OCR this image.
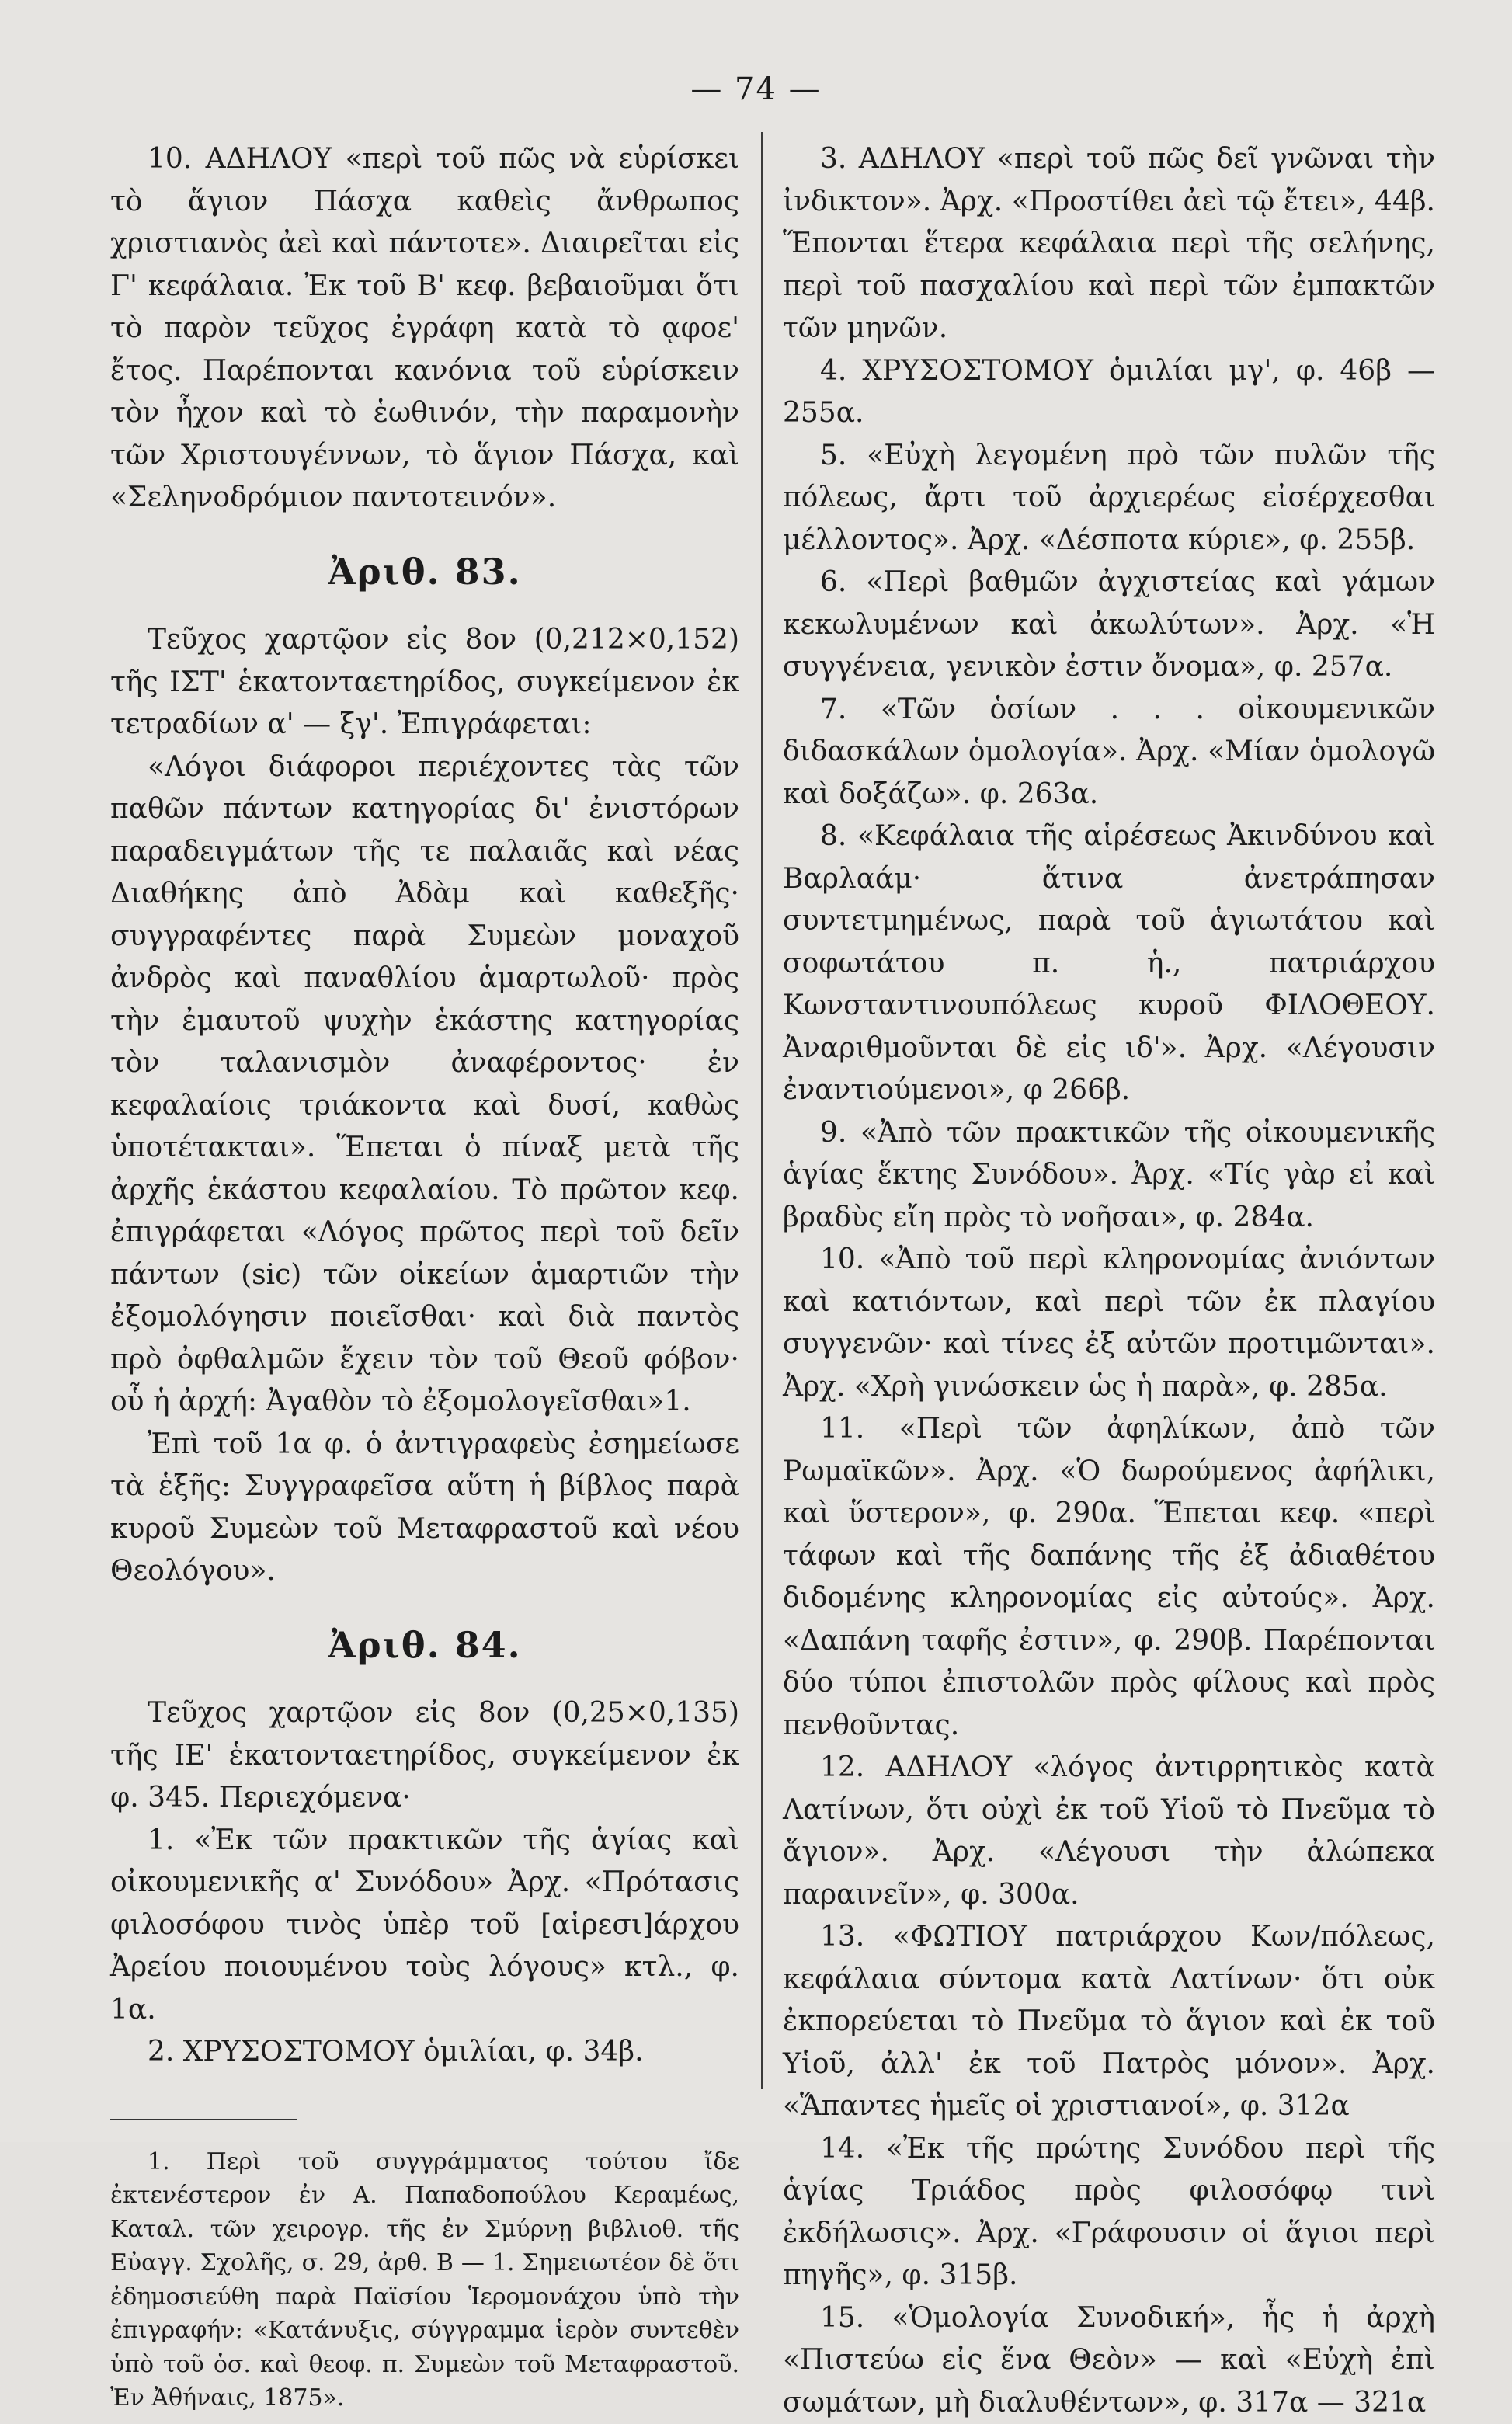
— 74 —

10. ΑΔΗΛΟΥ «περὶ τοῦ πῶς νὰ εὑρίσκει τὸ ἅγιον Πάσχα καθεὶς ἄνθρωπος χριστιανὸς ἀεὶ καὶ πάντοτε». Διαιρεῖται εἰς Γ' κεφάλαια. Ἐκ τοῦ Β' κεφ. βεβαιοῦμαι ὅτι τὸ παρὸν τεῦχος ἐγράφη κατὰ τὸ ᾳφοε' ἔτος. Παρέπονται κανόνια τοῦ εὑρίσκειν τὸν ἦχον καὶ τὸ ἑωθινόν, τὴν παραμονὴν τῶν Χριστουγέννων, τὸ ἅγιον Πάσχα, καὶ «Σεληνοδρόμιον παντοτεινόν».

Ἀριθ. 83.

Τεῦχος χαρτῷον εἰς 8ον (0,212×0,152) τῆς ΙΣΤ' ἑκατονταετηρίδος, συγκείμενον ἐκ τετραδίων α' — ξγ'. Ἐπιγράφεται:

«Λόγοι διάφοροι περιέχοντες τὰς τῶν παθῶν πάντων κατηγορίας δι' ἐνιστόρων παραδειγμάτων τῆς τε παλαιᾶς καὶ νέας Διαθήκης ἀπὸ Ἀδὰμ καὶ καθεξῆς· συγγραφέντες παρὰ Συμεὼν μοναχοῦ ἀνδρὸς καὶ παναθλίου ἁμαρτωλοῦ· πρὸς τὴν ἐμαυτοῦ ψυχὴν ἑκάστης κατηγορίας τὸν ταλανισμὸν ἀναφέροντος· ἐν κεφαλαίοις τριάκοντα καὶ δυσί, καθὼς ὑποτέτακται». Ἕπεται ὁ πίναξ μετὰ τῆς ἀρχῆς ἑκάστου κεφαλαίου. Τὸ πρῶτον κεφ. ἐπιγράφεται «Λόγος πρῶτος περὶ τοῦ δεῖν πάντων (sic) τῶν οἰκείων ἁμαρτιῶν τὴν ἐξομολόγησιν ποιεῖσθαι· καὶ διὰ παντὸς πρὸ ὀφθαλμῶν ἔχειν τὸν τοῦ Θεοῦ φόβον· οὗ ἡ ἀρχή: Ἀγαθὸν τὸ ἐξομολογεῖσθαι»1.

Ἐπὶ τοῦ 1α φ. ὁ ἀντιγραφεὺς ἐσημείωσε τὰ ἑξῆς: Συγγραφεῖσα αὕτη ἡ βίβλος παρὰ κυροῦ Συμεὼν τοῦ Μεταφραστοῦ καὶ νέου Θεολόγου».

Ἀριθ. 84.

Τεῦχος χαρτῷον εἰς 8ον (0,25×0,135) τῆς ΙΕ' ἑκατονταετηρίδος, συγκείμενον ἐκ φ. 345. Περιεχόμενα·

1. «Ἐκ τῶν πρακτικῶν τῆς ἁγίας καὶ οἰκουμενικῆς α' Συνόδου» Ἀρχ. «Πρότασις φιλοσόφου τινὸς ὑπὲρ τοῦ [αἱρεσι]άρχου Ἀρείου ποιουμένου τοὺς λόγους» κτλ., φ. 1α.

2. ΧΡΥΣΟΣΤΟΜΟΥ ὁμιλίαι, φ. 34β.

1. Περὶ τοῦ συγγράμματος τούτου ἴδε ἐκτενέστερον ἐν Α. Παπαδοπούλου Κεραμέως, Καταλ. τῶν χειρογρ. τῆς ἐν Σμύρνῃ βιβλιοθ. τῆς Εὐαγγ. Σχολῆς, σ. 29, ἀρθ. Β — 1. Σημειωτέον δὲ ὅτι ἐδημοσιεύθη παρὰ Παϊσίου Ἱερομονάχου ὑπὸ τὴν ἐπιγραφήν: «Κατάνυξις, σύγγραμμα ἱερὸν συντεθὲν ὑπὸ τοῦ ὁσ. καὶ θεοφ. π. Συμεὼν τοῦ Μεταφραστοῦ. Ἐν Ἀθήναις, 1875».

3. ΑΔΗΛΟΥ «περὶ τοῦ πῶς δεῖ γνῶναι τὴν ἰνδικτον». Ἀρχ. «Προστίθει ἀεὶ τῷ ἔτει», 44β. Ἕπονται ἕτερα κεφάλαια περὶ τῆς σελήνης, περὶ τοῦ πασχαλίου καὶ περὶ τῶν ἐμπακτῶν τῶν μηνῶν.

4. ΧΡΥΣΟΣΤΟΜΟΥ ὁμιλίαι μγ', φ. 46β — 255α.

5. «Εὐχὴ λεγομένη πρὸ τῶν πυλῶν τῆς πόλεως, ἄρτι τοῦ ἀρχιερέως εἰσέρχεσθαι μέλλοντος». Ἀρχ. «Δέσποτα κύριε», φ. 255β.

6. «Περὶ βαθμῶν ἀγχιστείας καὶ γάμων κεκωλυμένων καὶ ἀκωλύτων». Ἀρχ. «Ἡ συγγένεια, γενικὸν ἐστιν ὄνομα», φ. 257α.

7. «Τῶν ὁσίων . . . οἰκουμενικῶν διδασκάλων ὁμολογία». Ἀρχ. «Μίαν ὁμολογῶ καὶ δοξάζω». φ. 263α.

8. «Κεφάλαια τῆς αἱρέσεως Ἀκινδύνου καὶ Βαρλαάμ· ἅτινα ἀνετράπησαν συντετμημένως, παρὰ τοῦ ἁγιωτάτου καὶ σοφωτάτου π. ἡ., πατριάρχου Κωνσταντινουπόλεως κυροῦ ΦΙΛΟΘΕΟΥ. Ἀναριθμοῦνται δὲ εἰς ιδ'». Ἀρχ. «Λέγουσιν ἐναντιούμενοι», φ 266β.

9. «Ἀπὸ τῶν πρακτικῶν τῆς οἰκουμενικῆς ἁγίας ἕκτης Συνόδου». Ἀρχ. «Τίς γὰρ εἰ καὶ βραδὺς εἴη πρὸς τὸ νοῆσαι», φ. 284α.

10. «Ἀπὸ τοῦ περὶ κληρονομίας ἀνιόντων καὶ κατιόντων, καὶ περὶ τῶν ἐκ πλαγίου συγγενῶν· καὶ τίνες ἐξ αὐτῶν προτιμῶνται». Ἀρχ. «Χρὴ γινώσκειν ὡς ἡ παρὰ», φ. 285α.

11. «Περὶ τῶν ἀφηλίκων, ἀπὸ τῶν Ρωμαϊκῶν». Ἀρχ. «Ὁ δωρούμενος ἀφήλικι, καὶ ὕστερον», φ. 290α. Ἕπεται κεφ. «περὶ τάφων καὶ τῆς δαπάνης τῆς ἐξ ἀδιαθέτου διδομένης κληρονομίας εἰς αὐτούς». Ἀρχ. «Δαπάνη ταφῆς ἐστιν», φ. 290β. Παρέπονται δύο τύποι ἐπιστολῶν πρὸς φίλους καὶ πρὸς πενθοῦντας.

12. ΑΔΗΛΟΥ «λόγος ἀντιρρητικὸς κατὰ Λατίνων, ὅτι οὐχὶ ἐκ τοῦ Υἱοῦ τὸ Πνεῦμα τὸ ἅγιον». Ἀρχ. «Λέγουσι τὴν ἀλώπεκα παραινεῖν», φ. 300α.

13. «ΦΩΤΙΟΥ πατριάρχου Κων/πόλεως, κεφάλαια σύντομα κατὰ Λατίνων· ὅτι οὐκ ἐκπορεύεται τὸ Πνεῦμα τὸ ἅγιον καὶ ἐκ τοῦ Υἱοῦ, ἀλλ' ἐκ τοῦ Πατρὸς μόνον». Ἀρχ. «Ἅπαντες ἡμεῖς οἱ χριστιανοί», φ. 312α

14. «Ἐκ τῆς πρώτης Συνόδου περὶ τῆς ἁγίας Τριάδος πρὸς φιλοσόφῳ τινὶ ἐκδήλωσις». Ἀρχ. «Γράφουσιν οἱ ἅγιοι περὶ πηγῆς», φ. 315β.

15. «Ὁμολογία Συνοδική», ἧς ἡ ἀρχὴ «Πιστεύω εἰς ἕνα Θεὸν» — καὶ «Εὐχὴ ἐπὶ σωμάτων, μὴ διαλυθέντων», φ. 317α — 321α
